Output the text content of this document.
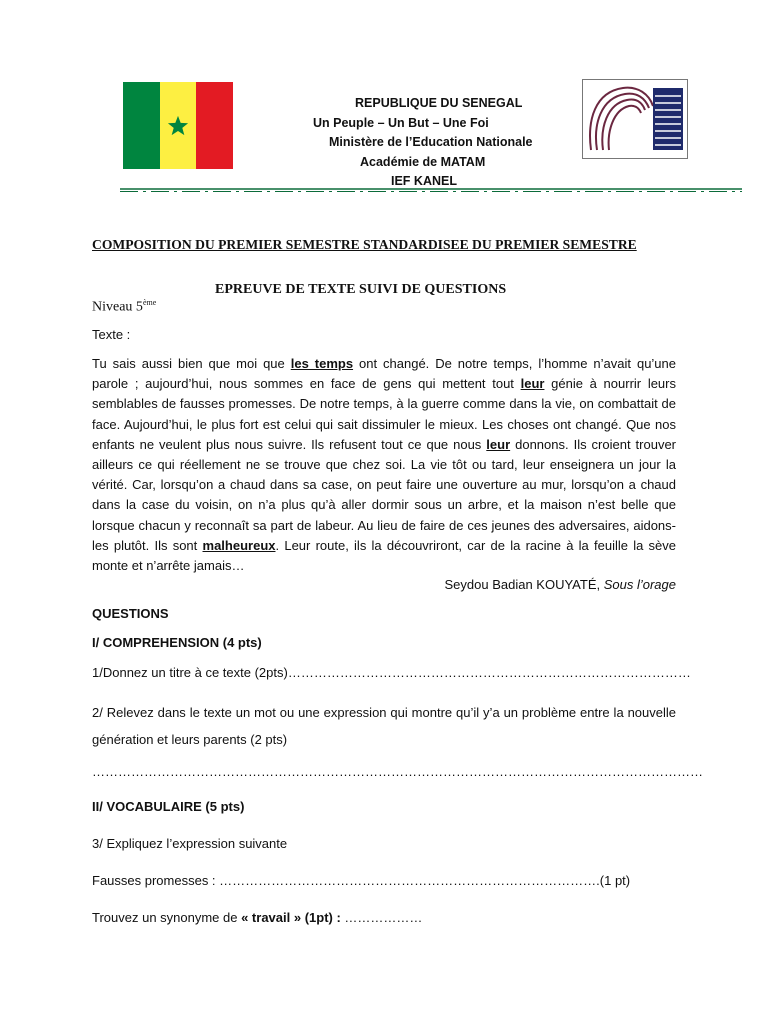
REPUBLIQUE DU SENEGAL
Un Peuple – Un But – Une Foi
Ministère de l’Education Nationale
Académie de MATAM
IEF KANEL
COMPOSITION DU PREMIER SEMESTRE STANDARDISEE DU PREMIER SEMESTRE
EPREUVE DE TEXTE SUIVI DE QUESTIONS
Niveau 5ème
Texte :
Tu sais aussi bien que moi que les temps ont changé. De notre temps, l’homme n’avait qu’une parole ; aujourd’hui, nous sommes en face de gens qui mettent tout leur génie à nourrir leurs semblables de fausses promesses. De notre temps, à la guerre comme dans la vie, on combattait de face. Aujourd’hui, le plus fort est celui qui sait dissimuler le mieux. Les choses ont changé. Que nos enfants ne veulent plus nous suivre. Ils refusent tout ce que nous leur donnons. Ils croient trouver ailleurs ce qui réellement ne se trouve que chez soi. La vie tôt ou tard, leur enseignera un jour la vérité. Car, lorsqu’on a chaud dans sa case, on peut faire une ouverture au mur, lorsqu’on a chaud dans la case du voisin, on n’a plus qu’à aller dormir sous un arbre, et la maison n’est belle que lorsque chacun y reconnaît sa part de labeur. Au lieu de faire de ces jeunes des adversaires, aidons-les plutôt. Ils sont malheureux. Leur route, ils la découvriront, car de la racine à la feuille la sève monte et n’arrête jamais…
Seydou Badian KOUYATÉ, Sous l’orage
QUESTIONS
I/ COMPREHENSION (4 pts)
1/Donnez un titre à ce texte (2pts)…………………………………………………………………………………
2/ Relevez dans le texte un mot ou une expression qui montre qu’il y’a un problème entre la nouvelle génération et leurs parents (2 pts)
……………………………………………………………………………………………………………………………
II/ VOCABULAIRE (5 pts)
3/ Expliquez l’expression suivante
Fausses promesses : …………………………………………………………………………….(1 pt)
Trouvez un synonyme de « travail » (1pt) : ………………
